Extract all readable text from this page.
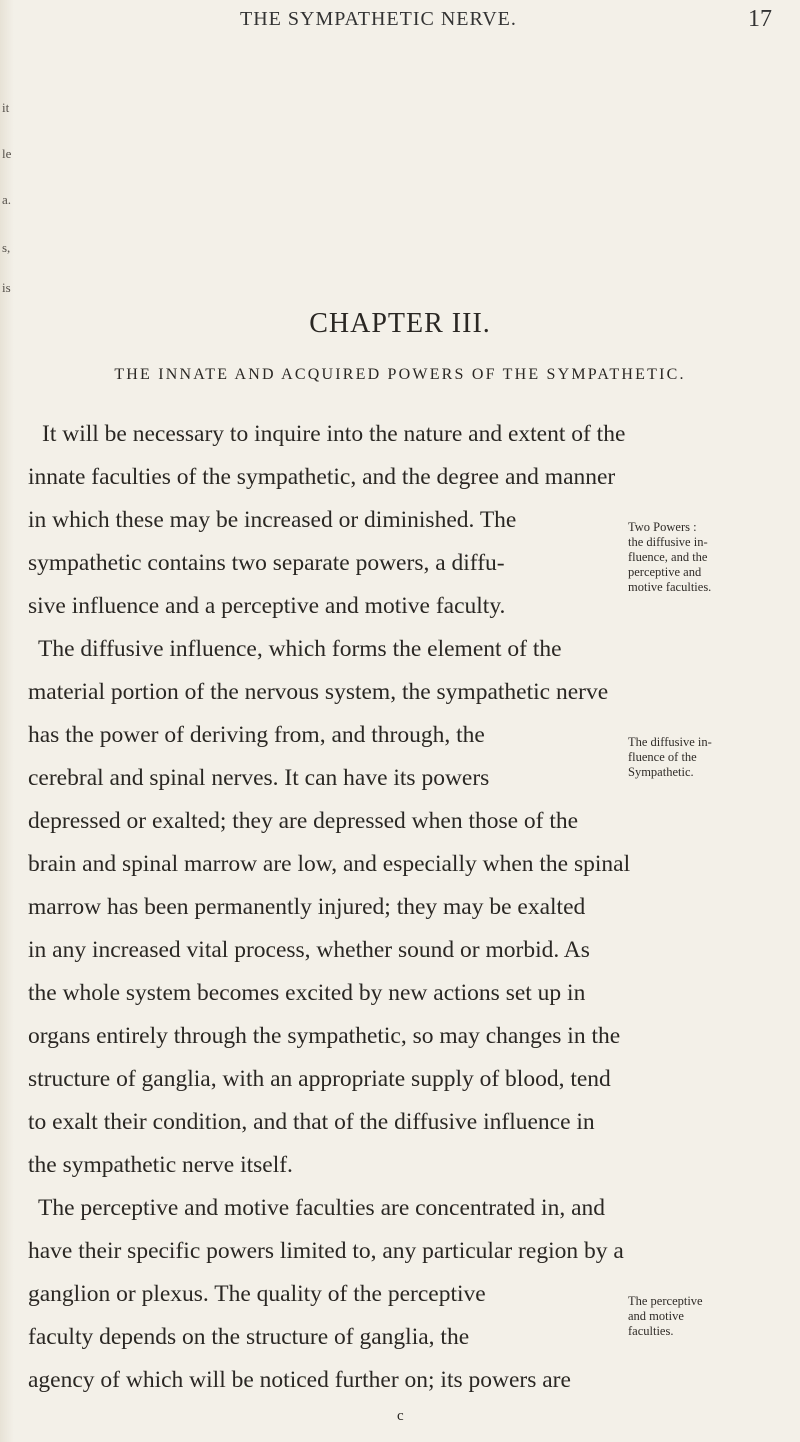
it
le
a.
s,
is
THE SYMPATHETIC NERVE.	17
CHAPTER III.
THE INNATE AND ACQUIRED POWERS OF THE SYMPATHETIC.
It will be necessary to inquire into the nature and extent of the
innate faculties of the sympathetic, and the degree and manner
in which these may be increased or diminished. The
sympathetic contains two separate powers, a diffu-
sive influence and a perceptive and motive faculty.
The diffusive influence, which forms the element of the
material portion of the nervous system, the sympathetic nerve
has the power of deriving from, and through, the
cerebral and spinal nerves. It can have its powers
depressed or exalted; they are depressed when those of the
brain and spinal marrow are low, and especially when the spinal
marrow has been permanently injured; they may be exalted
in any increased vital process, whether sound or morbid. As
the whole system becomes excited by new actions set up in
organs entirely through the sympathetic, so may changes in the
structure of ganglia, with an appropriate supply of blood, tend
to exalt their condition, and that of the diffusive influence in
the sympathetic nerve itself.
The perceptive and motive faculties are concentrated in, and
have their specific powers limited to, any particular region by a
ganglion or plexus. The quality of the perceptive
faculty depends on the structure of ganglia, the
agency of which will be noticed further on; its powers are
Two Powers :
the diffusive in-
fluence, and the
perceptive and
motive faculties.
The diffusive in-
fluence of the
Sympathetic.
The perceptive
and motive
faculties.
c
